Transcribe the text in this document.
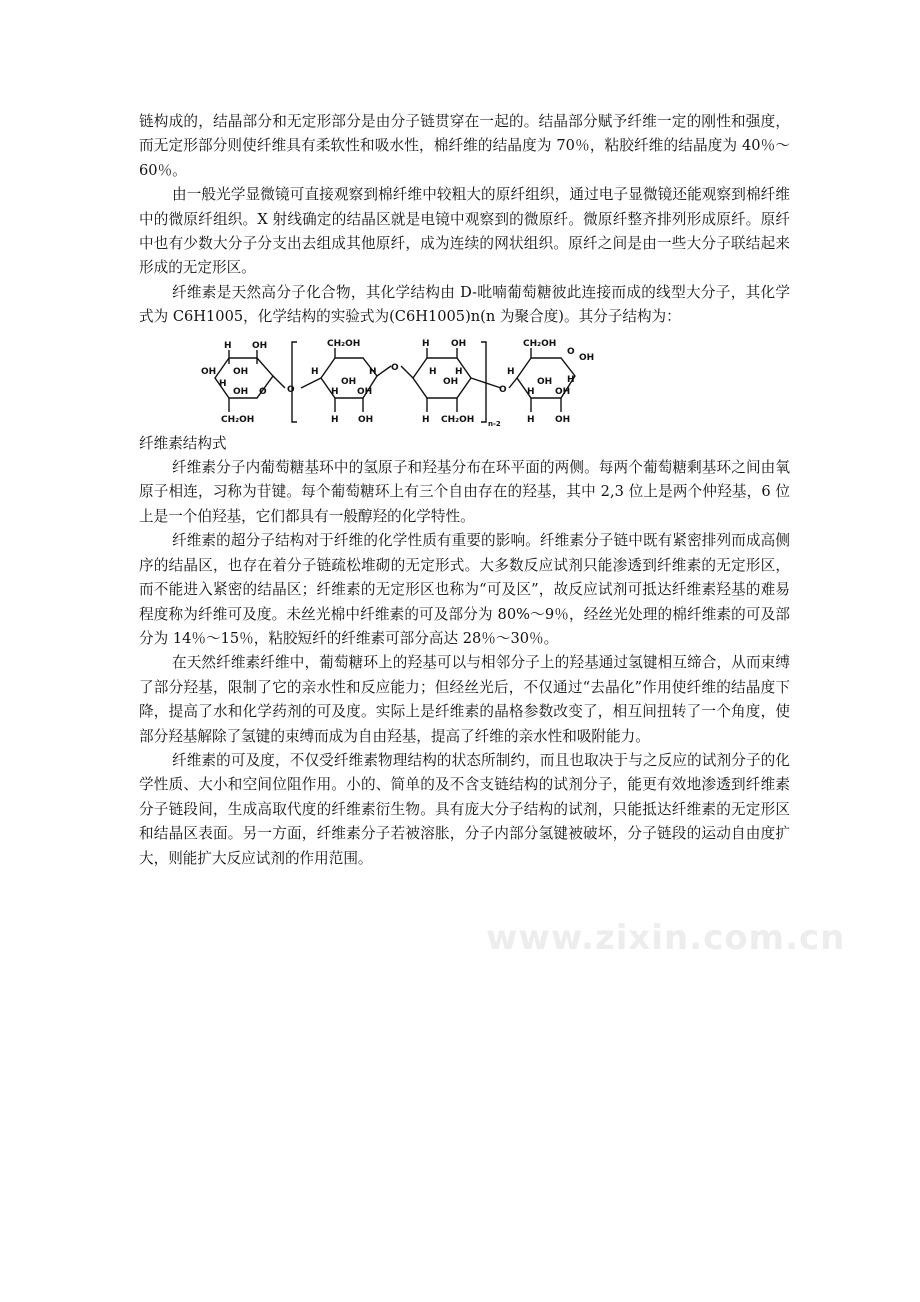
链构成的，结晶部分和无定形部分是由分子链贯穿在一起的。结晶部分赋予纤维一定的刚性和强度，而无定形部分则使纤维具有柔软性和吸水性，棉纤维的结晶度为 70％，粘胶纤维的结晶度为 40％～60％。

由一般光学显微镜可直接观察到棉纤维中较粗大的原纤组织，通过电子显微镜还能观察到棉纤维中的微原纤组织。X 射线确定的结晶区就是电镜中观察到的微原纤。微原纤整齐排列形成原纤。原纤中也有少数大分子分支出去组成其他原纤，成为连续的网状组织。原纤之间是由一些大分子联结起来形成的无定形区。

纤维素是天然高分子化合物，其化学结构由 D-吡喃葡萄糖彼此连接而成的线型大分子，其化学式为 C6H1005，化学结构的实验式为(C6H1005)n(n 为聚合度)。其分子结构为：

H OH
OH OH
H
OH O
CH₂OH
O
CH₂OH
H
OH
H
H OH
H OH
O
H OH
H H
OH
H CH₂OH n-2
O
CH₂OH
O
OH
H
OH H
H OH
H OH

纤维素结构式

纤维素分子内葡萄糖基环中的氢原子和羟基分布在环平面的两侧。每两个葡萄糖剩基环之间由氧原子相连，习称为苷键。每个葡萄糖环上有三个自由存在的羟基，其中 2,3 位上是两个仲羟基，6 位上是一个伯羟基，它们都具有一般醇羟的化学特性。

纤维素的超分子结构对于纤维的化学性质有重要的影响。纤维素分子链中既有紧密排列而成高侧序的结晶区，也存在着分子链疏松堆砌的无定形式。大多数反应试剂只能渗透到纤维素的无定形区，而不能进入紧密的结晶区；纤维素的无定形区也称为“可及区”，故反应试剂可抵达纤维素羟基的难易程度称为纤维可及度。未丝光棉中纤维素的可及部分为 80%～9％，经丝光处理的棉纤维素的可及部分为 14％～15％，粘胶短纤的纤维素可部分高达 28％～30％。

在天然纤维素纤维中，葡萄糖环上的羟基可以与相邻分子上的羟基通过氢键相互缔合，从而束缚了部分羟基，限制了它的亲水性和反应能力；但经丝光后，不仅通过“去晶化”作用使纤维的结晶度下降，提高了水和化学药剂的可及度。实际上是纤维素的晶格参数改变了，相互间扭转了一个角度，使部分羟基解除了氢键的束缚而成为自由羟基，提高了纤维的亲水性和吸附能力。

纤维素的可及度，不仅受纤维素物理结构的状态所制约，而且也取决于与之反应的试剂分子的化学性质、大小和空间位阻作用。小的、简单的及不含支链结构的试剂分子，能更有效地渗透到纤维素分子链段间，生成高取代度的纤维素衍生物。具有庞大分子结构的试剂，只能抵达纤维素的无定形区和结晶区表面。另一方面，纤维素分子若被溶胀，分子内部分氢键被破坏，分子链段的运动自由度扩大，则能扩大反应试剂的作用范围。

www.zixin.com.cn
